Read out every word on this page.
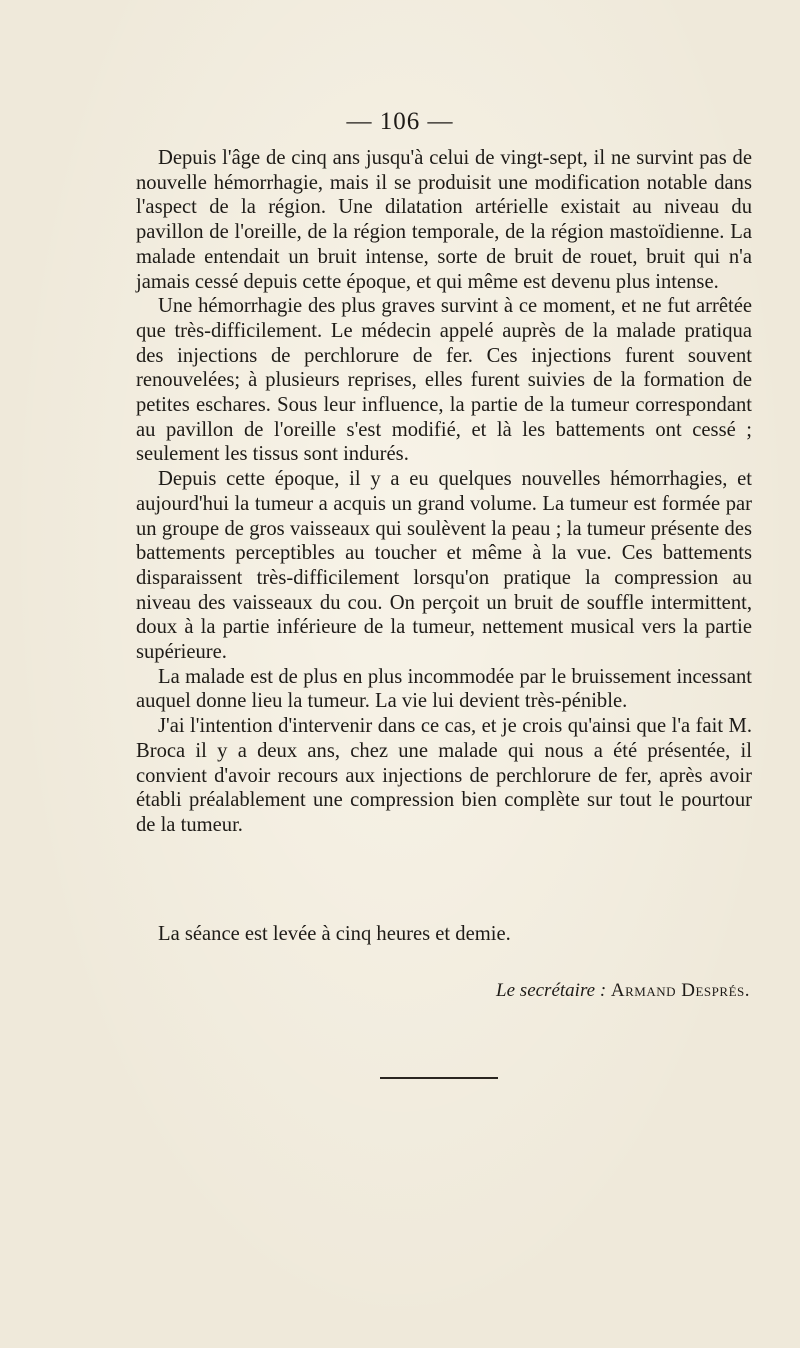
— 106 —

Depuis l'âge de cinq ans jusqu'à celui de vingt-sept, il ne survint pas de nouvelle hémorrhagie, mais il se produisit une modification notable dans l'aspect de la région. Une dilatation artérielle existait au niveau du pavillon de l'oreille, de la région temporale, de la région mastoïdienne. La malade entendait un bruit intense, sorte de bruit de rouet, bruit qui n'a jamais cessé depuis cette époque, et qui même est devenu plus intense.

Une hémorrhagie des plus graves survint à ce moment, et ne fut arrêtée que très-difficilement. Le médecin appelé auprès de la malade pratiqua des injections de perchlorure de fer. Ces injections furent souvent renouvelées; à plusieurs reprises, elles furent suivies de la formation de petites eschares. Sous leur influence, la partie de la tumeur correspondant au pavillon de l'oreille s'est modifié, et là les battements ont cessé ; seulement les tissus sont indurés.

Depuis cette époque, il y a eu quelques nouvelles hémorrhagies, et aujourd'hui la tumeur a acquis un grand volume. La tumeur est formée par un groupe de gros vaisseaux qui soulèvent la peau ; la tumeur présente des battements perceptibles au toucher et même à la vue. Ces battements disparaissent très-difficilement lorsqu'on pratique la compression au niveau des vaisseaux du cou. On perçoit un bruit de souffle intermittent, doux à la partie inférieure de la tumeur, nettement musical vers la partie supérieure.

La malade est de plus en plus incommodée par le bruissement incessant auquel donne lieu la tumeur. La vie lui devient très-pénible.

J'ai l'intention d'intervenir dans ce cas, et je crois qu'ainsi que l'a fait M. Broca il y a deux ans, chez une malade qui nous a été présentée, il convient d'avoir recours aux injections de perchlorure de fer, après avoir établi préalablement une compression bien complète sur tout le pourtour de la tumeur.

La séance est levée à cinq heures et demie.
Le secrétaire : Armand Després.
